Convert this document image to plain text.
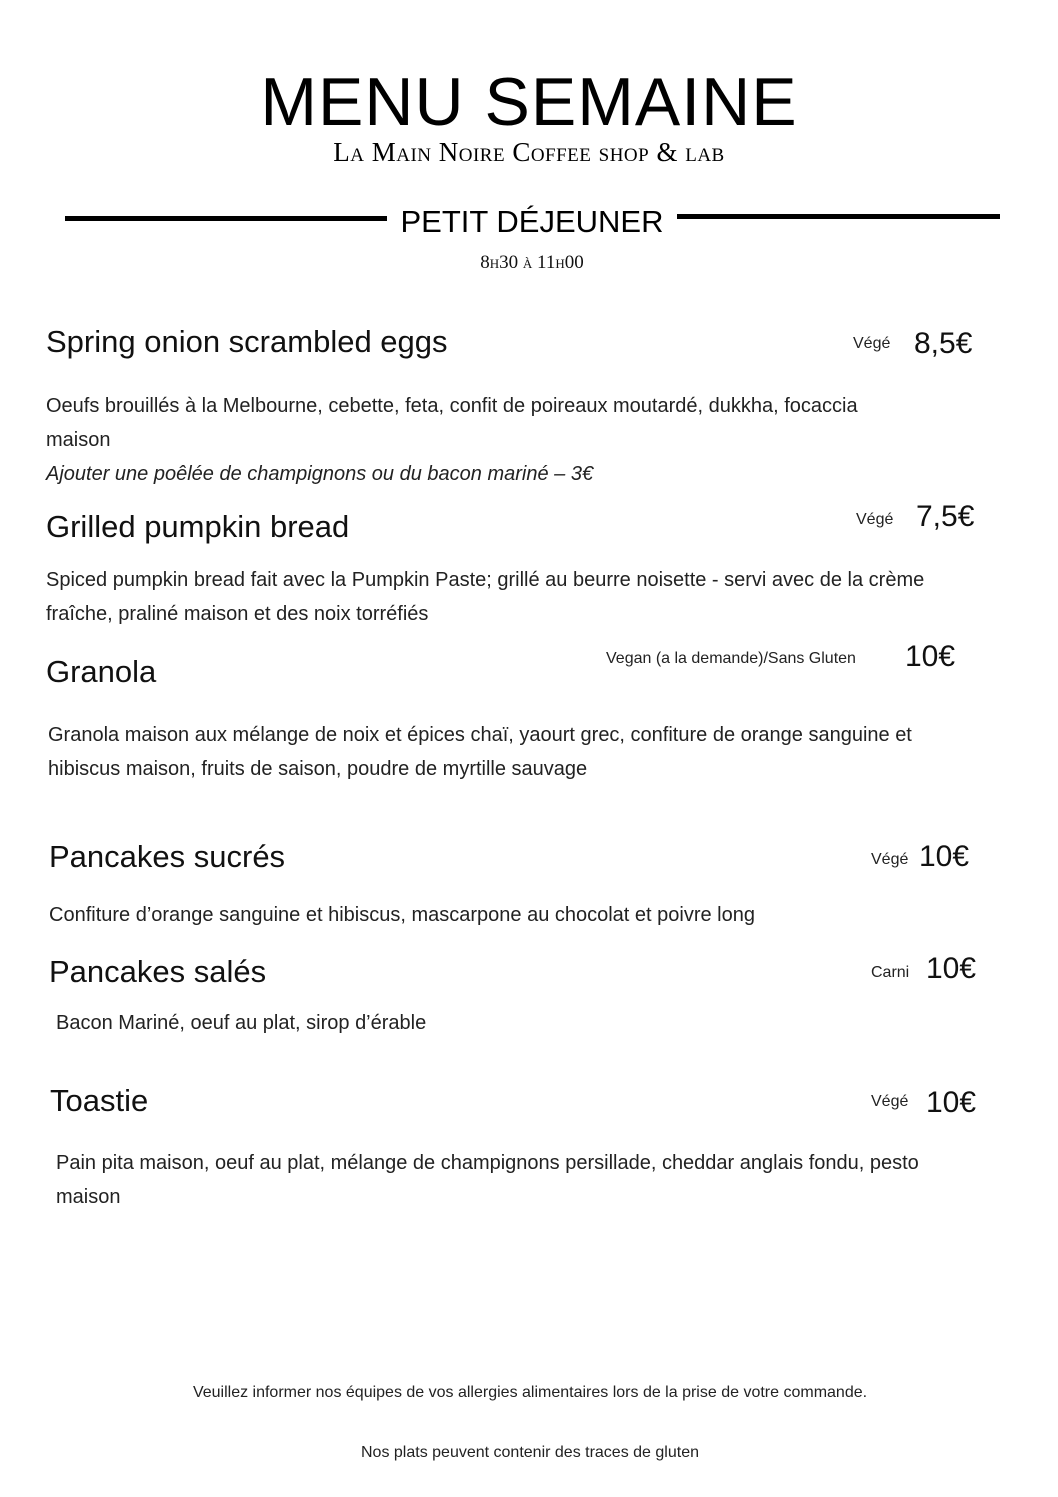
MENU SEMAINE
La Main Noire Coffee shop & lab
PETIT DÉJEUNER
8h30 à 11h00
Spring onion scrambled eggs	Végé 8,5€
Oeufs brouillés à la Melbourne, cebette, feta, confit de poireaux moutardé, dukkha, focaccia maison
Ajouter une poêlée de champignons ou du bacon mariné – 3€
Grilled pumpkin bread	Végé 7,5€
Spiced pumpkin bread fait avec la Pumpkin Paste; grillé au beurre noisette - servi avec de la crème fraîche, praliné maison et des noix torréfiés
Granola	Vegan (a la demande)/Sans Gluten 10€
Granola maison aux mélange de noix et épices chaï, yaourt grec, confiture de orange sanguine et hibiscus maison, fruits de saison, poudre de myrtille sauvage
Pancakes sucrés	Végé 10€
Confiture d’orange sanguine et hibiscus, mascarpone au chocolat et poivre long
Pancakes salés	Carni 10€
Bacon Mariné, oeuf au plat, sirop d’érable
Toastie	Végé 10€
Pain pita maison, oeuf au plat, mélange de champignons persillade, cheddar anglais fondu, pesto maison
Veuillez informer nos équipes de vos allergies alimentaires lors de la prise de votre commande.
Nos plats peuvent contenir des traces de gluten
